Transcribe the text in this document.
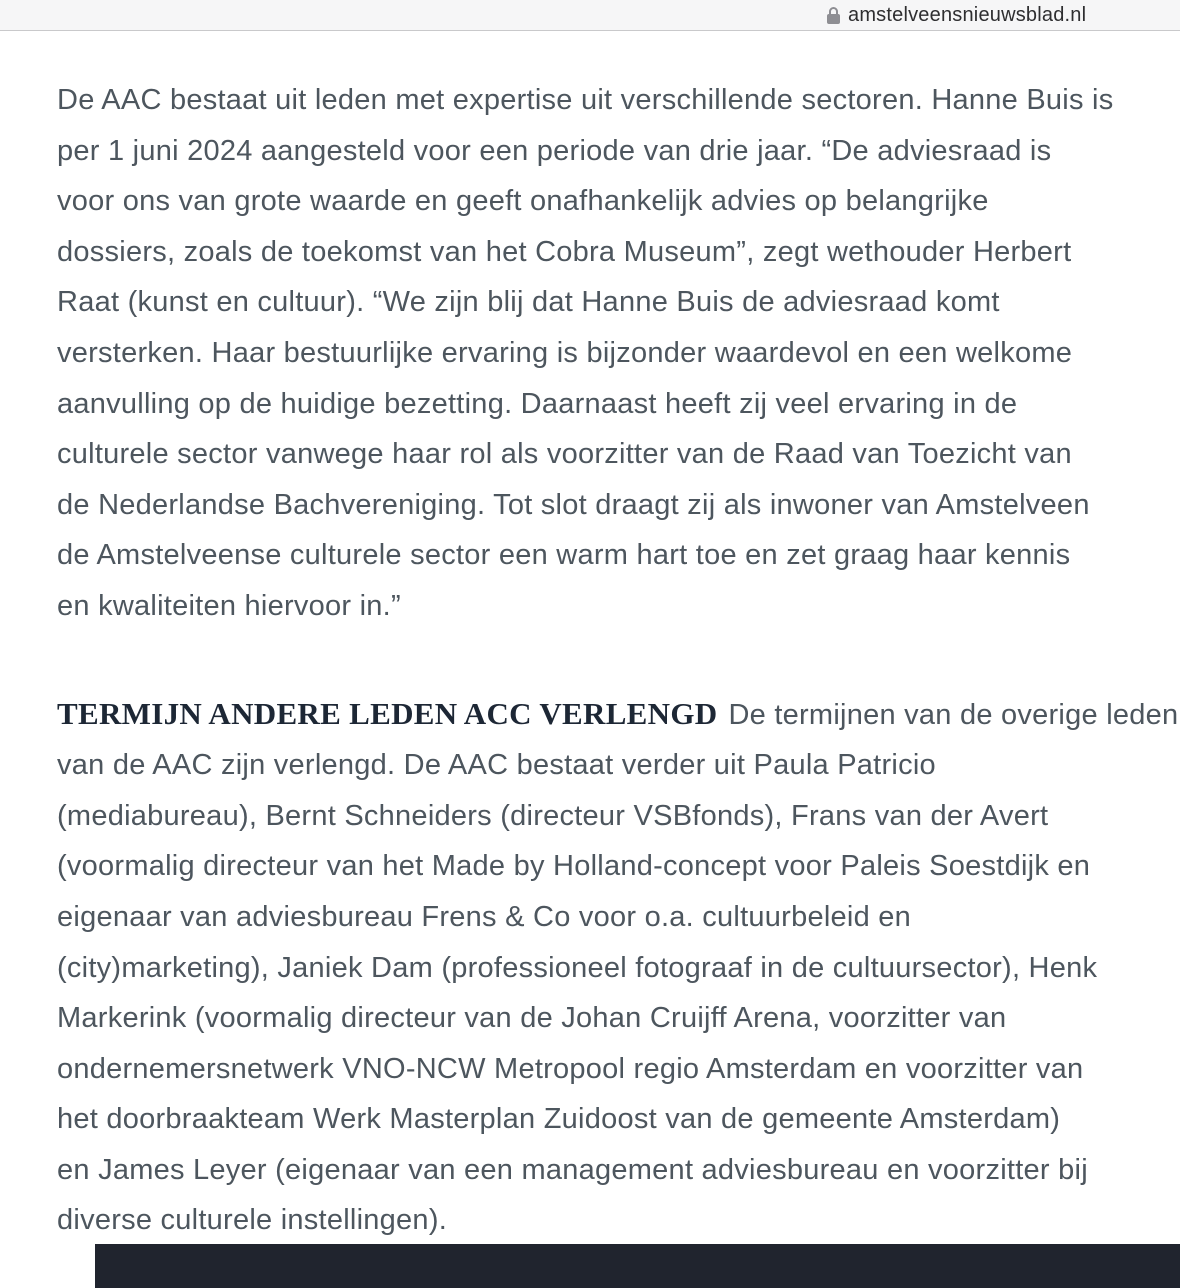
amstelveensnieuwsblad.nl
De AAC bestaat uit leden met expertise uit verschillende sectoren. Hanne Buis is
per 1 juni 2024 aangesteld voor een periode van drie jaar. “De adviesraad is
voor ons van grote waarde en geeft onafhankelijk advies op belangrijke
dossiers, zoals de toekomst van het Cobra Museum”, zegt wethouder Herbert
Raat (kunst en cultuur). “We zijn blij dat Hanne Buis de adviesraad komt
versterken. Haar bestuurlijke ervaring is bijzonder waardevol en een welkome
aanvulling op de huidige bezetting. Daarnaast heeft zij veel ervaring in de
culturele sector vanwege haar rol als voorzitter van de Raad van Toezicht van
de Nederlandse Bachvereniging. Tot slot draagt zij als inwoner van Amstelveen
de Amstelveense culturele sector een warm hart toe en zet graag haar kennis
en kwaliteiten hiervoor in.”
TERMIJN ANDERE LEDEN ACC VERLENGD De termijnen van de overige leden
van de AAC zijn verlengd. De AAC bestaat verder uit Paula Patricio
(mediabureau), Bernt Schneiders (directeur VSBfonds), Frans van der Avert
(voormalig directeur van het Made by Holland-concept voor Paleis Soestdijk en
eigenaar van adviesbureau Frens & Co voor o.a. cultuurbeleid en
(city)marketing), Janiek Dam (professioneel fotograaf in de cultuursector), Henk
Markerink (voormalig directeur van de Johan Cruijff Arena, voorzitter van
ondernemersnetwerk VNO-NCW Metropool regio Amsterdam en voorzitter van
het doorbraakteam Werk Masterplan Zuidoost van de gemeente Amsterdam)
en James Leyer (eigenaar van een management adviesbureau en voorzitter bij
diverse culturele instellingen).
